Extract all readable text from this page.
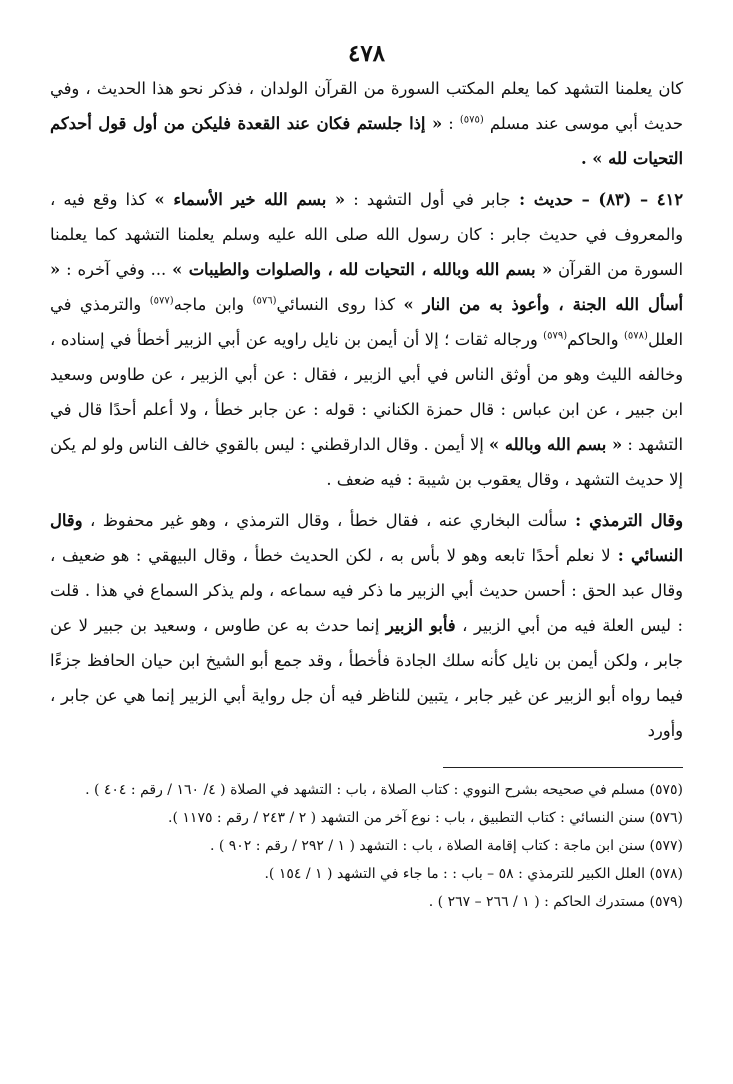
٤٧٨

كان يعلمنا التشهد كما يعلم المكتب السورة من القرآن الولدان ، فذكر نحو هذا الحديث ، وفي حديث أبي موسى عند مسلم $^{(٥٧٥)}$ : « إذا جلستم فكان عند القعدة فليكن من أول قول أحدكم التحيات لله » .

٤١٢ – (٨٣) – حديث : جابر في أول التشهد : « بسم الله خير الأسماء » كذا وقع فيه ، والمعروف في حديث جابر : كان رسول الله صلى الله عليه وسلم يعلمنا التشهد كما يعلمنا السورة من القرآن « بسم الله وبالله ، التحيات لله ، والصلوات والطيبات » ... وفي آخره : « أسأل الله الجنة ، وأعوذ به من النار » كذا روى النسائي$^{(٥٧٦)}$ وابن ماجه$^{(٥٧٧)}$ والترمذي في العلل$^{(٥٧٨)}$ والحاكم$^{(٥٧٩)}$ ورجاله ثقات ؛ إلا أن أيمن بن نايل راويه عن أبي الزبير أخطأ في إسناده ، وخالفه الليث وهو من أوثق الناس في أبي الزبير ، فقال : عن أبي الزبير ، عن طاوس وسعيد ابن جبير ، عن ابن عباس : قال حمزة الكناني : قوله : عن جابر خطأ ، ولا أعلم أحدًا قال في التشهد : « بسم الله وبالله » إلا أيمن . وقال الدارقطني : ليس بالقوي خالف الناس ولو لم يكن إلا حديث التشهد ، وقال يعقوب بن شيبة : فيه ضعف .

وقال الترمذي : سألت البخاري عنه ، فقال خطأ ، وقال الترمذي ، وهو غير محفوظ ، وقال النسائي : لا نعلم أحدًا تابعه وهو لا بأس به ، لكن الحديث خطأ ، وقال البيهقي : هو ضعيف ، وقال عبد الحق : أحسن حديث أبي الزبير ما ذكر فيه سماعه ، ولم يذكر السماع في هذا . قلت : ليس العلة فيه من أبي الزبير ، فأبو الزبير إنما حدث به عن طاوس ، وسعيد بن جبير لا عن جابر ، ولكن أيمن بن نايل كأنه سلك الجادة فأخطأ ، وقد جمع أبو الشيخ ابن حيان الحافظ جزءًا فيما رواه أبو الزبير عن غير جابر ، يتبين للناظر فيه أن جل رواية أبي الزبير إنما هي عن جابر ، وأورد

(٥٧٥) مسلم في صحيحه بشرح النووي : كتاب الصلاة ، باب : التشهد في الصلاة ( ٤/ ١٦٠ / رقم : ٤٠٤ ) .

(٥٧٦) سنن النسائي : كتاب التطبيق ، باب : نوع آخر من التشهد ( ٢ / ٢٤٣ / رقم : ١١٧٥ ).

(٥٧٧) سنن ابن ماجة : كتاب إقامة الصلاة ، باب : التشهد ( ١ / ٢٩٢ / رقم : ٩٠٢ ) .

(٥٧٨) العلل الكبير للترمذي : ٥٨ – باب : : ما جاء في التشهد ( ١ / ١٥٤ ).

(٥٧٩) مستدرك الحاكم : ( ١ / ٢٦٦ – ٢٦٧ ) .
